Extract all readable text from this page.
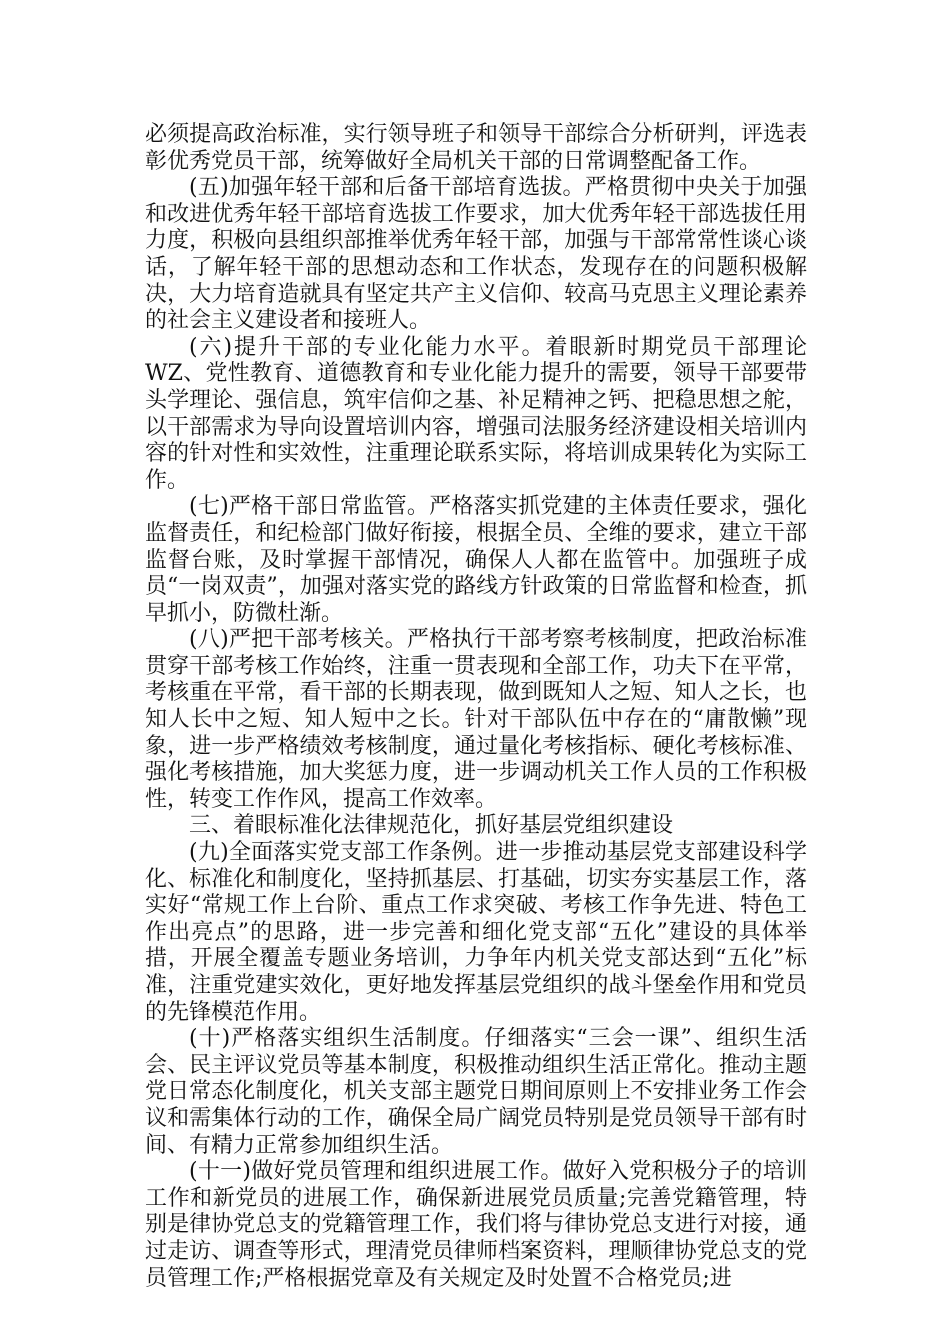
必须提高政治标准，实行领导班子和领导干部综合分析研判，评选表彰优秀党员干部，统筹做好全局机关干部的日常调整配备工作。

(五)加强年轻干部和后备干部培育选拔。严格贯彻中央关于加强和改进优秀年轻干部培育选拔工作要求，加大优秀年轻干部选拔任用力度，积极向县组织部推举优秀年轻干部，加强与干部常常性谈心谈话，了解年轻干部的思想动态和工作状态，发现存在的问题积极解决，大力培育造就具有坚定共产主义信仰、较高马克思主义理论素养的社会主义建设者和接班人。

(六)提升干部的专业化能力水平。着眼新时期党员干部理论WZ、党性教育、道德教育和专业化能力提升的需要，领导干部要带头学理论、强信息，筑牢信仰之基、补足精神之钙、把稳思想之舵，以干部需求为导向设置培训内容，增强司法服务经济建设相关培训内容的针对性和实效性，注重理论联系实际，将培训成果转化为实际工作。

(七)严格干部日常监管。严格落实抓党建的主体责任要求，强化监督责任，和纪检部门做好衔接，根据全员、全维的要求，建立干部监督台账，及时掌握干部情况，确保人人都在监管中。加强班子成员“一岗双责”，加强对落实党的路线方针政策的日常监督和检查，抓早抓小，防微杜渐。

(八)严把干部考核关。严格执行干部考察考核制度，把政治标准贯穿干部考核工作始终，注重一贯表现和全部工作，功夫下在平常，考核重在平常，看干部的长期表现，做到既知人之短、知人之长，也知人长中之短、知人短中之长。针对干部队伍中存在的“庸散懒”现象，进一步严格绩效考核制度，通过量化考核指标、硬化考核标准、强化考核措施，加大奖惩力度，进一步调动机关工作人员的工作积极性，转变工作作风，提高工作效率。

三、着眼标准化法律规范化，抓好基层党组织建设

(九)全面落实党支部工作条例。进一步推动基层党支部建设科学化、标准化和制度化，坚持抓基层、打基础，切实夯实基层工作，落实好“常规工作上台阶、重点工作求突破、考核工作争先进、特色工作出亮点”的思路，进一步完善和细化党支部“五化”建设的具体举措，开展全覆盖专题业务培训，力争年内机关党支部达到“五化”标准，注重党建实效化，更好地发挥基层党组织的战斗堡垒作用和党员的先锋模范作用。

(十)严格落实组织生活制度。仔细落实“三会一课”、组织生活会、民主评议党员等基本制度，积极推动组织生活正常化。推动主题党日常态化制度化，机关支部主题党日期间原则上不安排业务工作会议和需集体行动的工作，确保全局广阔党员特别是党员领导干部有时间、有精力正常参加组织生活。

(十一)做好党员管理和组织进展工作。做好入党积极分子的培训工作和新党员的进展工作，确保新进展党员质量;完善党籍管理，特别是律协党总支的党籍管理工作，我们将与律协党总支进行对接，通过走访、调查等形式，理清党员律师档案资料，理顺律协党总支的党员管理工作;严格根据党章及有关规定及时处置不合格党员;进
